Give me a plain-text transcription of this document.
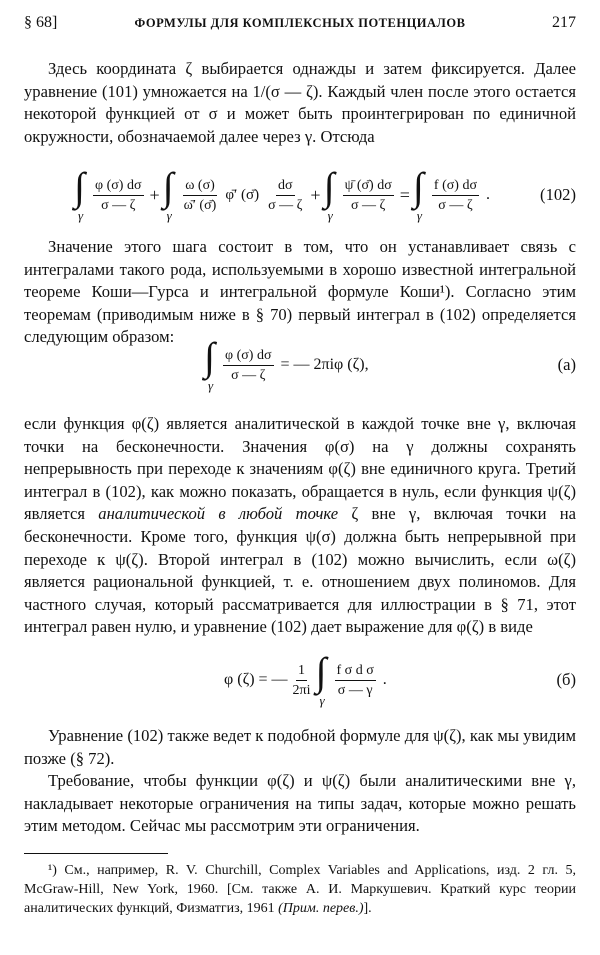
§ 68]	ФОРМУЛЫ ДЛЯ КОМПЛЕКСНЫХ ПОТЕНЦИАЛОВ	217

Здесь координата ζ выбирается однажды и затем фиксируется. Далее уравнение (101) умножается на 1/(σ — ζ). Каждый член после этого остается некоторой функцией от σ и может быть проинтегрирован по единичной окружности, обозначаемой далее через γ. Отсюда

∫
γ
$\frac{\varphi (\sigma) d\sigma}{\sigma — \zeta}$ + ∫
γ
$\frac{\omega (\sigma)}{\omegā' (\sigmā)}$ φ̄′ (σ̄) $\frac{d\sigma}{\sigma — \zeta}$ + ∫
γ
$\frac{\psī (\sigmā) d\sigma}{\sigma — \zeta}$ = ∫
γ
$\frac{f (\sigma) d\sigma}{\sigma — \zeta}$ .	(102)

Значение этого шага состоит в том, что он устанавливает связь с интегралами такого рода, используемыми в хорошо известной интегральной теореме Коши—Гурса и интегральной формуле Коши¹). Согласно этим теоремам (приводимым ниже в § 70) первый интеграл в (102) определяется следующим образом: ∫
γ
$\frac{\varphi (\sigma) d\sigma}{\sigma — \zeta}$ = — 2πiφ (ζ),	(а)

если функция φ(ζ) является аналитической в каждой точке вне γ, включая точки на бесконечности. Значения φ(σ) на γ должны сохранять непрерывность при переходе к значениям φ(ζ) вне единичного круга. Третий интеграл в (102), как можно показать, обращается в нуль, если функция ψ(ζ) является аналитической в любой точке ζ вне γ, включая точки на бесконечности. Кроме того, функция ψ(σ) должна быть непрерывной при переходе к ψ(ζ). Второй интеграл в (102) можно вычислить, если ω(ζ) является рациональной функцией, т. е. отношением двух полиномов. Для частного случая, который рассматривается для иллюстрации в § 71, этот интеграл равен нулю, и уравнение (102) дает выражение для φ(ζ) в виде

φ (ζ) = — $\frac{1}{2\pi i}$ ∫
γ
$\frac{\text{f σ d σ}}{\sigma — \gamma}$ .	(б)

Уравнение (102) также ведет к подобной формуле для ψ(ζ), как мы увидим позже (§ 72).

Требование, чтобы функции φ(ζ) и ψ(ζ) были аналитическими вне γ, накладывает некоторые ограничения на типы задач, которые можно решать этим методом. Сейчас мы рассмотрим эти ограничения.

¹) См., например, R. V. Churchill, Complex Variables and Applications, изд. 2 гл. 5, McGraw-Hill, New York, 1960. [См. также А. И. Маркушевич. Краткий курс теории аналитических функций, Физматгиз, 1961 (Прим. перев.)].
